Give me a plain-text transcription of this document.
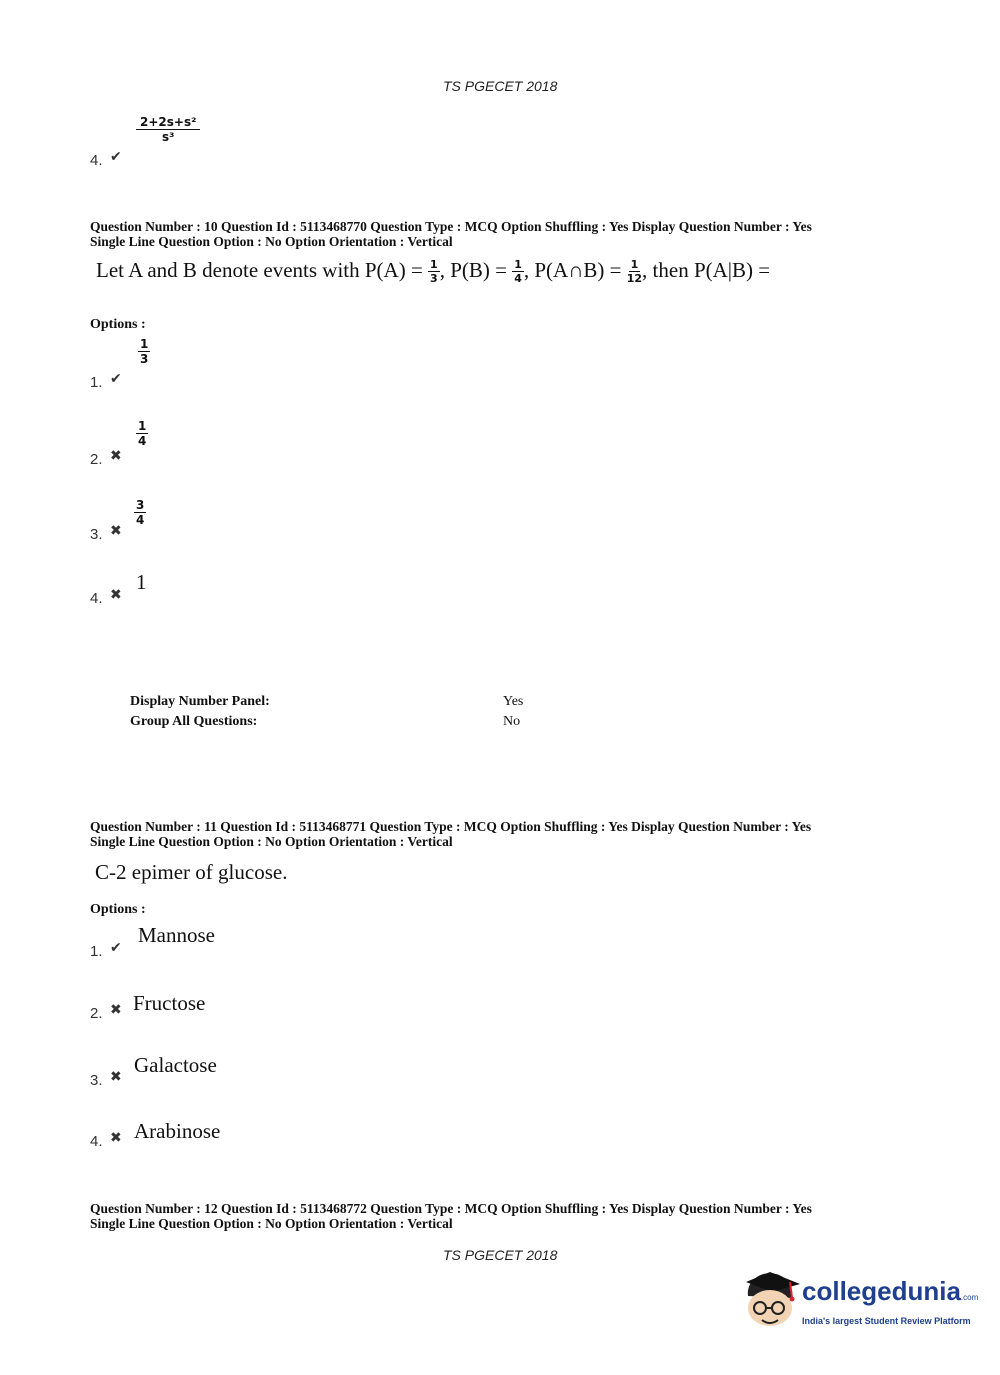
TS PGECET 2018
$\frac{\text{2+2s+s²}}{\text{s³}}$
4. ✔
Question Number : 10 Question Id : 5113468770 Question Type : MCQ Option Shuffling : Yes Display Question Number : Yes
Single Line Question Option : No Option Orientation : Vertical
Let A and B denote events with $P(A) = \frac{1}{3}$ , $P(B) = \frac{1}{4}$ , P(A∩B) = $\frac{1}{12}$ , then P(A|B) =
Options :
$\frac{1}{3}$
1. ✔
$\frac{1}{4}$
2. ✖
$\frac{3}{4}$
3. ✖
1
4. ✖
Display Number Panel:	Yes
Group All Questions:	No
Question Number : 11 Question Id : 5113468771 Question Type : MCQ Option Shuffling : Yes Display Question Number : Yes
Single Line Question Option : No Option Orientation : Vertical
C-2 epimer of glucose.
Options :
Mannose
1. ✔
Fructose
2. ✖
Galactose
3. ✖
Arabinose
4. ✖
Question Number : 12 Question Id : 5113468772 Question Type : MCQ Option Shuffling : Yes Display Question Number : Yes
Single Line Question Option : No Option Orientation : Vertical
TS PGECET 2018
collegedunia.com
India's largest Student Review Platform
